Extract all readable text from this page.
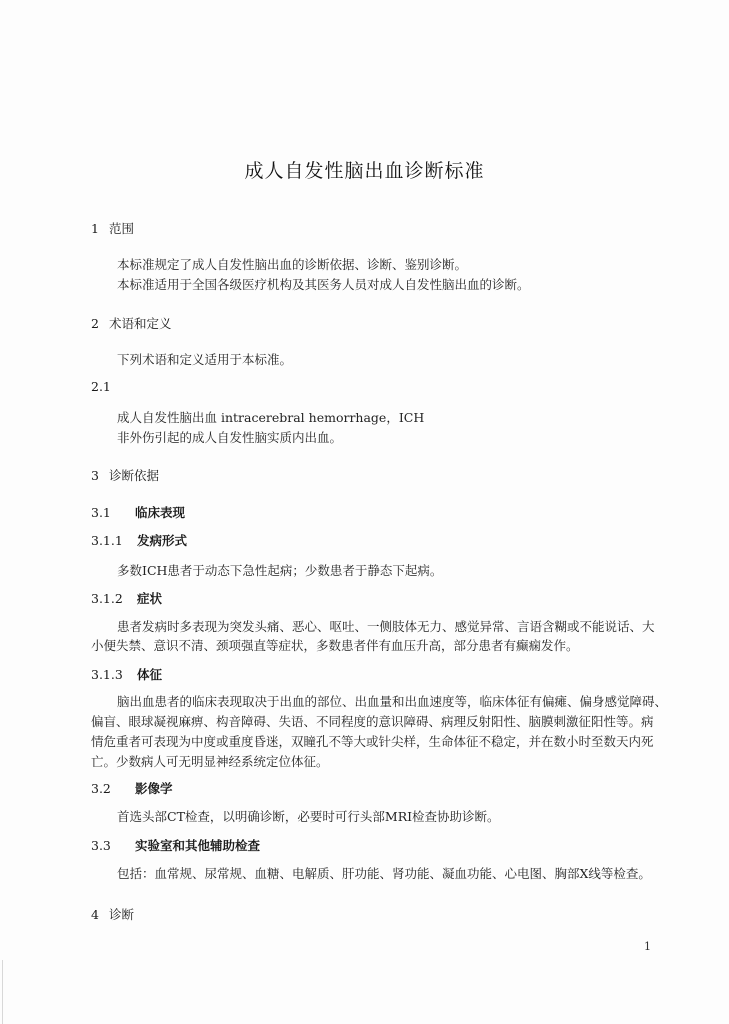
成人自发性脑出血诊断标准
1 范围
本标准规定了成人自发性脑出血的诊断依据、诊断、鉴别诊断。
本标准适用于全国各级医疗机构及其医务人员对成人自发性脑出血的诊断。
2 术语和定义
下列术语和定义适用于本标准。
2.1
成人自发性脑出血 intracerebral hemorrhage，ICH
非外伤引起的成人自发性脑实质内出血。
3 诊断依据
3.1 临床表现
3.1.1 发病形式
多数ICH患者于动态下急性起病；少数患者于静态下起病。
3.1.2 症状
患者发病时多表现为突发头痛、恶心、呕吐、一侧肢体无力、感觉异常、言语含糊或不能说话、大
小便失禁、意识不清、颈项强直等症状，多数患者伴有血压升高，部分患者有癫痫发作。
3.1.3 体征
脑出血患者的临床表现取决于出血的部位、出血量和出血速度等，临床体征有偏瘫、偏身感觉障碍、
偏盲、眼球凝视麻痹、构音障碍、失语、不同程度的意识障碍、病理反射阳性、脑膜刺激征阳性等。病
情危重者可表现为中度或重度昏迷，双瞳孔不等大或针尖样，生命体征不稳定，并在数小时至数天内死
亡。少数病人可无明显神经系统定位体征。
3.2 影像学
首选头部CT检查，以明确诊断，必要时可行头部MRI检查协助诊断。
3.3 实验室和其他辅助检查
包括：血常规、尿常规、血糖、电解质、肝功能、肾功能、凝血功能、心电图、胸部X线等检查。
4 诊断
1
